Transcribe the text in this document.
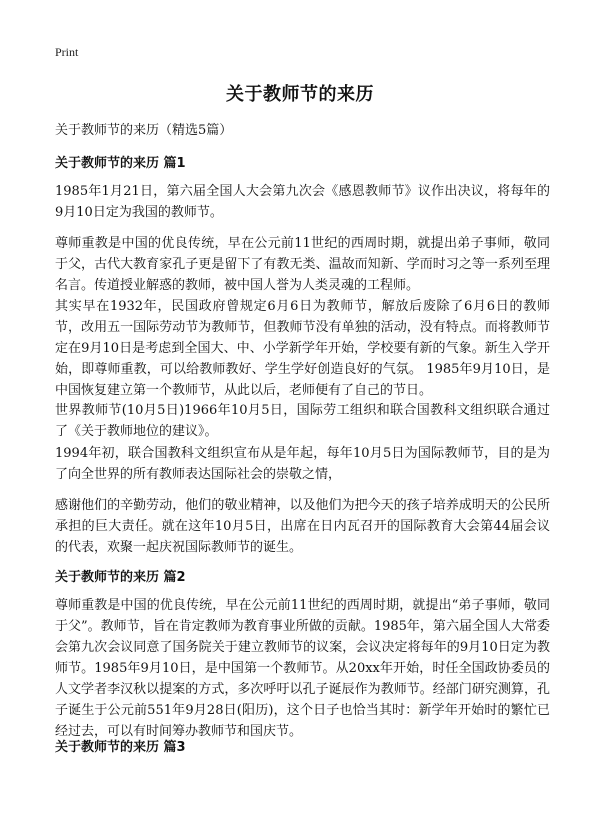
Print
关于教师节的来历
关于教师节的来历（精选5篇）
关于教师节的来历 篇1

1985年1月21日，第六届全国人大会第九次会《感恩教师节》议作出决议，将每年的9月10日定为我国的教师节。

尊师重教是中国的优良传统，早在公元前11世纪的西周时期，就提出弟子事师，敬同于父，古代大教育家孔子更是留下了有教无类、温故而知新、学而时习之等一系列至理名言。传道授业解惑的教师，被中国人誉为人类灵魂的工程师。

其实早在1932年，民国政府曾规定6月6日为教师节，解放后废除了6月6日的教师节，改用五一国际劳动节为教师节，但教师节没有单独的活动，没有特点。而将教师节定在9月10日是考虑到全国大、中、小学新学年开始，学校要有新的气象。新生入学开始，即尊师重教，可以给教师教好、学生学好创造良好的气氛。 1985年9月10日，是中国恢复建立第一个教师节，从此以后，老师便有了自己的节日。

世界教师节(10月5日)1966年10月5日，国际劳工组织和联合国教科文组织联合通过了《关于教师地位的建议》。

1994年初，联合国教科文组织宣布从是年起，每年10月5日为国际教师节，目的是为了向全世界的所有教师表达国际社会的崇敬之情，

感谢他们的辛勤劳动，他们的敬业精神，以及他们为把今天的孩子培养成明天的公民所承担的巨大责任。就在这年10月5日，出席在日内瓦召开的国际教育大会第44届会议的代表，欢聚一起庆祝国际教师节的诞生。

关于教师节的来历 篇2

尊师重教是中国的优良传统，早在公元前11世纪的西周时期，就提出“弟子事师，敬同于父”。教师节，旨在肯定教师为教育事业所做的贡献。1985年，第六届全国人大常委会第九次会议同意了国务院关于建立教师节的议案，会议决定将每年的9月10日定为教师节。1985年9月10日，是中国第一个教师节。从20xx年开始，时任全国政协委员的人文学者李汉秋以提案的方式，多次呼吁以孔子诞辰作为教师节。经部门研究测算，孔子诞生于公元前551年9月28日(阳历)，这个日子也恰当其时：新学年开始时的繁忙已经过去，可以有时间筹办教师节和国庆节。

关于教师节的来历 篇3
